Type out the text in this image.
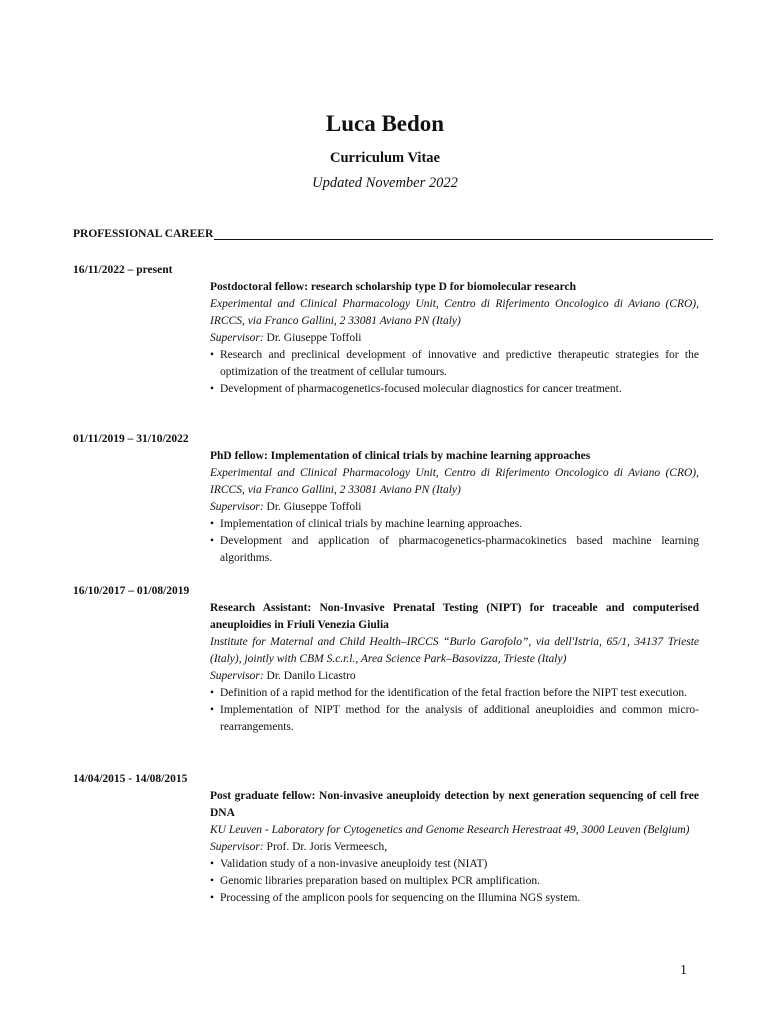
Luca Bedon
Curriculum Vitae
Updated November 2022
PROFESSIONAL CAREER
16/11/2022 – present
Postdoctoral fellow: research scholarship type D for biomolecular research
Experimental and Clinical Pharmacology Unit, Centro di Riferimento Oncologico di Aviano (CRO), IRCCS, via Franco Gallini, 2 33081 Aviano PN (Italy)
Supervisor: Dr. Giuseppe Toffoli
• Research and preclinical development of innovative and predictive therapeutic strategies for the optimization of the treatment of cellular tumours.
• Development of pharmacogenetics-focused molecular diagnostics for cancer treatment.
01/11/2019 – 31/10/2022
PhD fellow: Implementation of clinical trials by machine learning approaches
Experimental and Clinical Pharmacology Unit, Centro di Riferimento Oncologico di Aviano (CRO), IRCCS, via Franco Gallini, 2 33081 Aviano PN (Italy)
Supervisor: Dr. Giuseppe Toffoli
• Implementation of clinical trials by machine learning approaches.
• Development and application of pharmacogenetics-pharmacokinetics based machine learning algorithms.
16/10/2017 – 01/08/2019
Research Assistant: Non-Invasive Prenatal Testing (NIPT) for traceable and computerised aneuploidies in Friuli Venezia Giulia
Institute for Maternal and Child Health–IRCCS “Burlo Garofolo”, via dell'Istria, 65/1, 34137 Trieste (Italy), jointly with CBM S.c.r.l., Area Science Park–Basovizza, Trieste (Italy)
Supervisor: Dr. Danilo Licastro
• Definition of a rapid method for the identification of the fetal fraction before the NIPT test execution.
• Implementation of NIPT method for the analysis of additional aneuploidies and common micro-rearrangements.
14/04/2015 - 14/08/2015
Post graduate fellow: Non-invasive aneuploidy detection by next generation sequencing of cell free DNA
KU Leuven - Laboratory for Cytogenetics and Genome Research Herestraat 49, 3000 Leuven (Belgium)
Supervisor: Prof. Dr. Joris Vermeesch,
• Validation study of a non-invasive aneuploidy test (NIAT)
• Genomic libraries preparation based on multiplex PCR amplification.
• Processing of the amplicon pools for sequencing on the Illumina NGS system.
1
